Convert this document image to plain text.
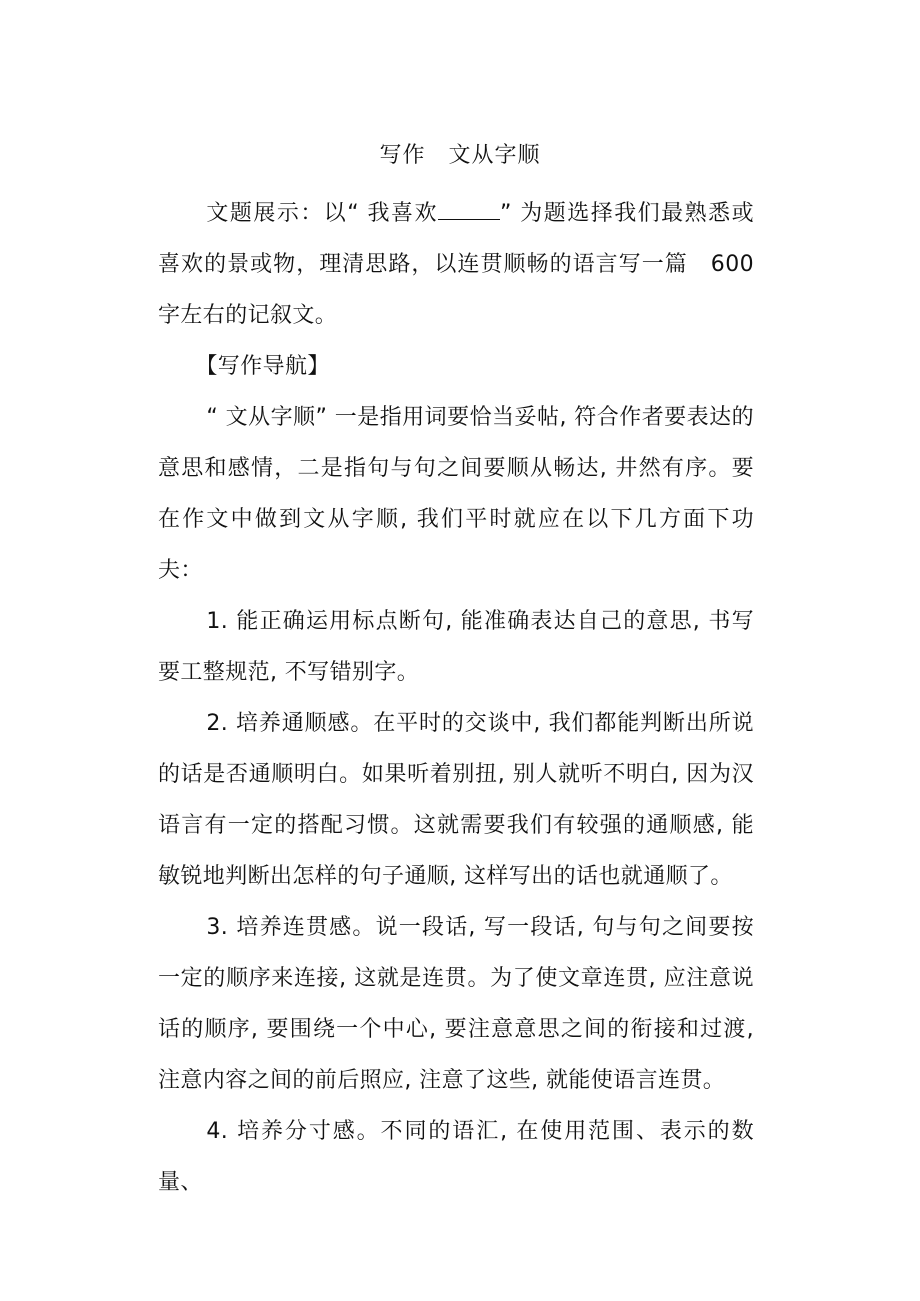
写作　文从字顺

文题展示：以“ 我喜欢	” 为题选择我们最熟悉或喜欢的景或物，理清思路，以连贯顺畅的语言写一篇　600字左右的记叙文。

【写作导航】

“ 文从字顺” 一是指用词要恰当妥帖, 符合作者要表达的意思和感情，二是指句与句之间要顺从畅达, 井然有序。要在作文中做到文从字顺, 我们平时就应在以下几方面下功夫：

1. 能正确运用标点断句, 能准确表达自己的意思, 书写要工整规范, 不写错别字。

2. 培养通顺感。在平时的交谈中, 我们都能判断出所说的话是否通顺明白。如果听着别扭, 别人就听不明白, 因为汉语言有一定的搭配习惯。这就需要我们有较强的通顺感, 能敏锐地判断出怎样的句子通顺, 这样写出的话也就通顺了。

3. 培养连贯感。说一段话, 写一段话, 句与句之间要按一定的顺序来连接, 这就是连贯。为了使文章连贯, 应注意说话的顺序, 要围绕一个中心, 要注意意思之间的衔接和过渡, 注意内容之间的前后照应, 注意了这些, 就能使语言连贯。

4. 培养分寸感。不同的语汇, 在使用范围、表示的数量、
